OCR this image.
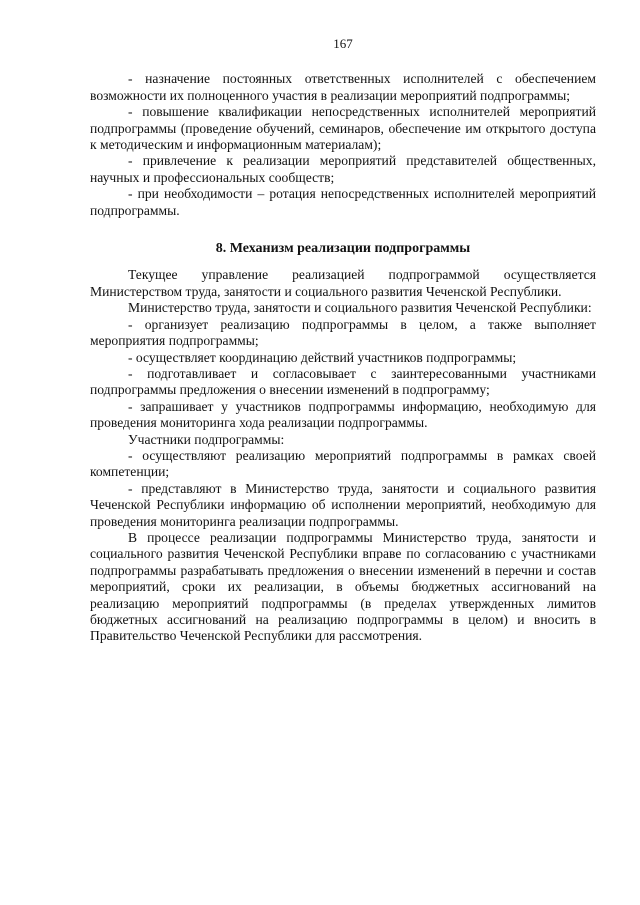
167

- назначение постоянных ответственных исполнителей с обеспечением возможности их полноценного участия в реализации мероприятий подпрограммы;

- повышение квалификации непосредственных исполнителей мероприятий подпрограммы (проведение обучений, семинаров, обеспечение им открытого доступа к методическим и информационным материалам);

- привлечение к реализации мероприятий представителей общественных, научных и профессиональных сообществ;

- при необходимости – ротация непосредственных исполнителей мероприятий подпрограммы.

8. Механизм реализации подпрограммы

Текущее управление реализацией подпрограммой осуществляется Министерством труда, занятости и социального развития Чеченской Республики.

Министерство труда, занятости и социального развития Чеченской Республики:

- организует реализацию подпрограммы в целом, а также выполняет мероприятия подпрограммы;

- осуществляет координацию действий участников подпрограммы;

- подготавливает и согласовывает с заинтересованными участниками подпрограммы предложения о внесении изменений в подпрограмму;

- запрашивает у участников подпрограммы информацию, необходимую для проведения мониторинга хода реализации подпрограммы.

Участники подпрограммы:

- осуществляют реализацию мероприятий подпрограммы в рамках своей компетенции;

- представляют в Министерство труда, занятости и социального развития Чеченской Республики информацию об исполнении мероприятий, необходимую для проведения мониторинга реализации подпрограммы.

В процессе реализации подпрограммы Министерство труда, занятости и социального развития Чеченской Республики вправе по согласованию с участниками подпрограммы разрабатывать предложения о внесении изменений в перечни и состав мероприятий, сроки их реализации, в объемы бюджетных ассигнований на реализацию мероприятий подпрограммы (в пределах утвержденных лимитов бюджетных ассигнований на реализацию подпрограммы в целом) и вносить в Правительство Чеченской Республики для рассмотрения.
